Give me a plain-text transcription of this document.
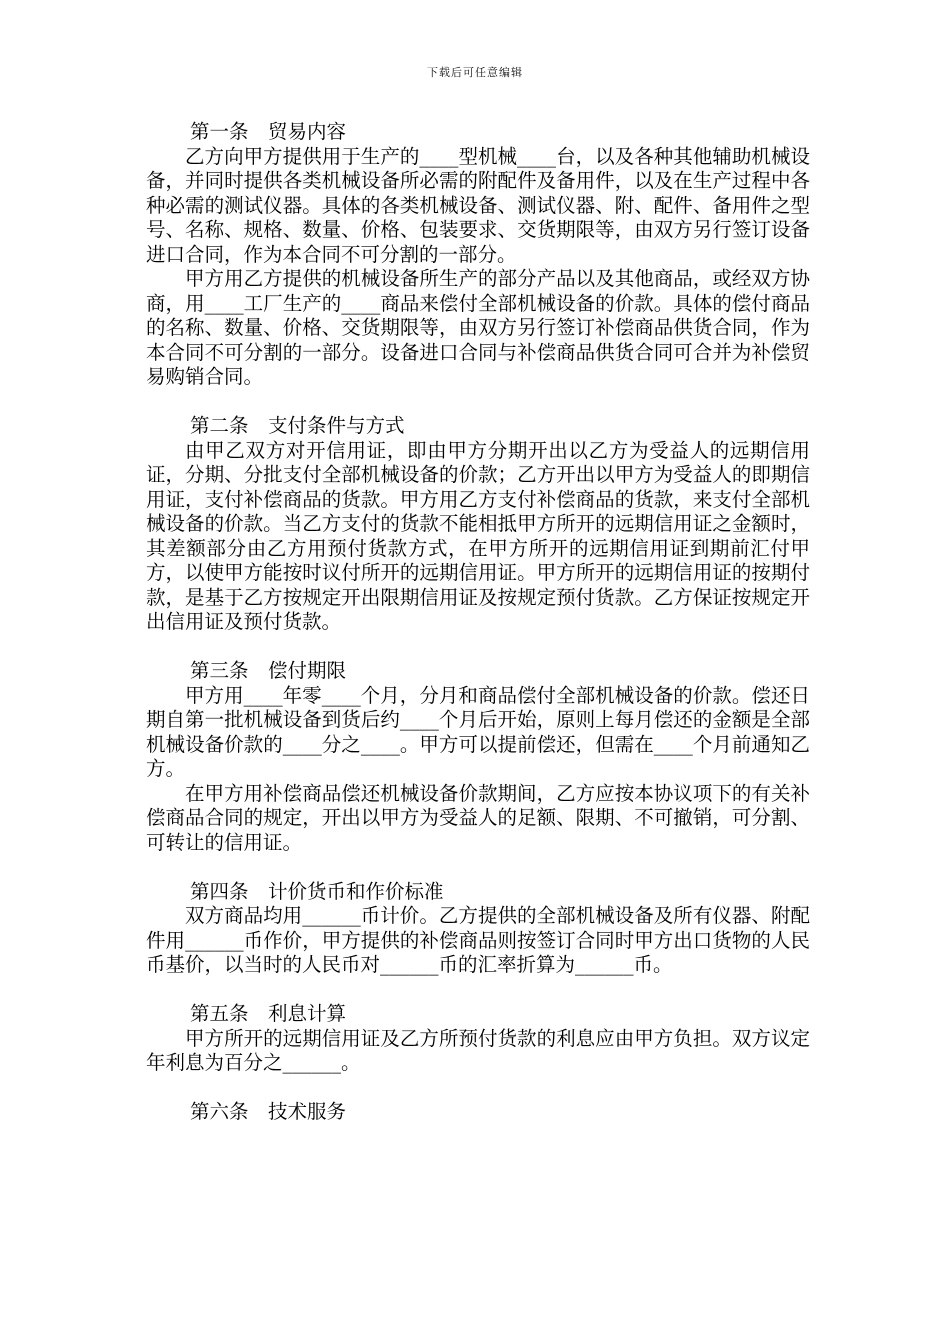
下载后可任意编辑

第一条　贸易内容

乙方向甲方提供用于生产的____型机械____台，以及各种其他辅助机械设备，并同时提供各类机械设备所必需的附配件及备用件，以及在生产过程中各种必需的测试仪器。具体的各类机械设备、测试仪器、附、配件、备用件之型号、名称、规格、数量、价格、包装要求、交货期限等，由双方另行签订设备进口合同，作为本合同不可分割的一部分。

甲方用乙方提供的机械设备所生产的部分产品以及其他商品，或经双方协商，用____工厂生产的____商品来偿付全部机械设备的价款。具体的偿付商品的名称、数量、价格、交货期限等，由双方另行签订补偿商品供货合同，作为本合同不可分割的一部分。设备进口合同与补偿商品供货合同可合并为补偿贸易购销合同。

第二条　支付条件与方式

由甲乙双方对开信用证，即由甲方分期开出以乙方为受益人的远期信用证，分期、分批支付全部机械设备的价款；乙方开出以甲方为受益人的即期信用证，支付补偿商品的货款。甲方用乙方支付补偿商品的货款，来支付全部机械设备的价款。当乙方支付的货款不能相抵甲方所开的远期信用证之金额时，其差额部分由乙方用预付货款方式，在甲方所开的远期信用证到期前汇付甲方，以使甲方能按时议付所开的远期信用证。甲方所开的远期信用证的按期付款，是基于乙方按规定开出限期信用证及按规定预付货款。乙方保证按规定开出信用证及预付货款。

第三条　偿付期限

甲方用____年零____个月，分月和商品偿付全部机械设备的价款。偿还日期自第一批机械设备到货后约____个月后开始，原则上每月偿还的金额是全部机械设备价款的____分之____。甲方可以提前偿还，但需在____个月前通知乙方。

在甲方用补偿商品偿还机械设备价款期间，乙方应按本协议项下的有关补偿商品合同的规定，开出以甲方为受益人的足额、限期、不可撤销，可分割、可转让的信用证。

第四条　计价货币和作价标准

双方商品均用______币计价。乙方提供的全部机械设备及所有仪器、附配件用______币作价，甲方提供的补偿商品则按签订合同时甲方出口货物的人民币基价，以当时的人民币对______币的汇率折算为______币。

第五条　利息计算

甲方所开的远期信用证及乙方所预付货款的利息应由甲方负担。双方议定年利息为百分之______。

第六条　技术服务
